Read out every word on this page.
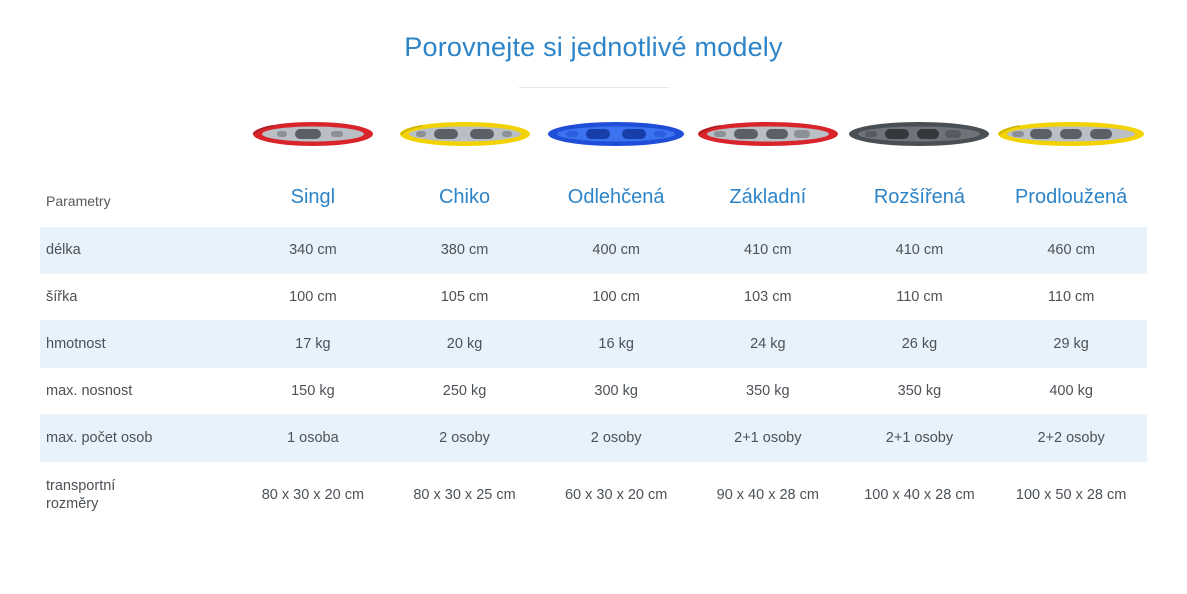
Porovnejte si jednotlivé modely

Parametry	Singl	Chiko	Odlehčená	Základní	Rozšířená	Prodloužená
délka	340 cm	380 cm	400 cm	410 cm	410 cm	460 cm
šířka	100 cm	105 cm	100 cm	103 cm	110 cm	110 cm
hmotnost	17 kg	20 kg	16 kg	24 kg	26 kg	29 kg
max. nosnost	150 kg	250 kg	300 kg	350 kg	350 kg	400 kg
max. počet osob	1 osoba	2 osoby	2 osoby	2+1 osoby	2+1 osoby	2+2 osoby

transportní
rozměry	80 x 30 x 20 cm	80 x 30 x 25 cm	60 x 30 x 20 cm	90 x 40 x 28 cm	100 x 40 x 28 cm	100 x 50 x 28 cm
